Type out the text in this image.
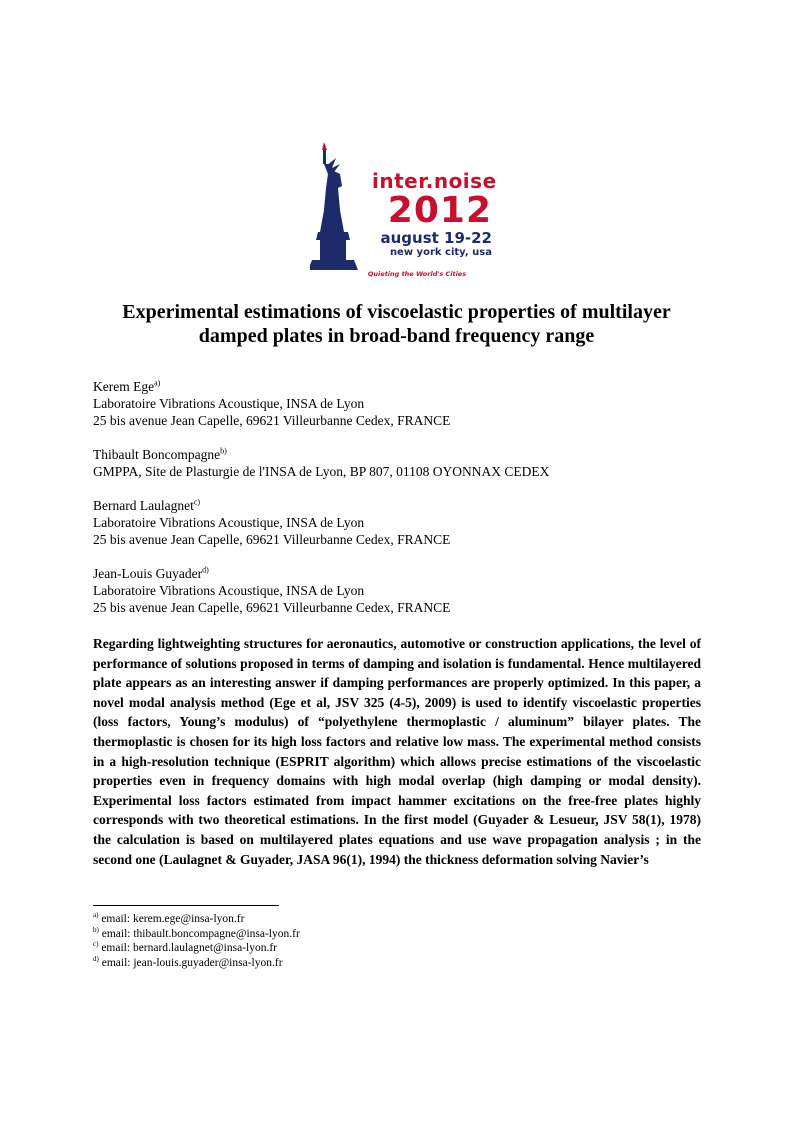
inter.noise
2012
august 19-22
new york city, usa
Quieting the World's Cities
Experimental estimations of viscoelastic properties of multilayer
damped plates in broad-band frequency range
Kerem Ege$^{a)}$
Laboratoire Vibrations Acoustique, INSA de Lyon
25 bis avenue Jean Capelle, 69621 Villeurbanne Cedex, FRANCE
Thibault Boncompagne$^{b)}$
GMPPA, Site de Plasturgie de l'INSA de Lyon, BP 807, 01108 OYONNAX CEDEX
Bernard Laulagnet$^{c)}$
Laboratoire Vibrations Acoustique, INSA de Lyon
25 bis avenue Jean Capelle, 69621 Villeurbanne Cedex, FRANCE
Jean-Louis Guyader$^{d)}$
Laboratoire Vibrations Acoustique, INSA de Lyon
25 bis avenue Jean Capelle, 69621 Villeurbanne Cedex, FRANCE

Regarding lightweighting structures for aeronautics, automotive or construction applications, the level of performance of solutions proposed in terms of damping and isolation is fundamental. Hence multilayered plate appears as an interesting answer if damping performances are properly optimized. In this paper, a novel modal analysis method (Ege et al, JSV 325 (4-5), 2009) is used to identify viscoelastic properties (loss factors, Young’s modulus) of “polyethylene thermoplastic / aluminum” bilayer plates. The thermoplastic is chosen for its high loss factors and relative low mass. The experimental method consists in a high-resolution technique (ESPRIT algorithm) which allows precise estimations of the viscoelastic properties even in frequency domains with high modal overlap (high damping or modal density). Experimental loss factors estimated from impact hammer excitations on the free-free plates highly corresponds with two theoretical estimations. In the first model (Guyader & Lesueur, JSV 58(1), 1978) the calculation is based on multilayered plates equations and use wave propagation analysis ; in the second one (Laulagnet & Guyader, JASA 96(1), 1994) the thickness deformation solving Navier’s

$^{a)}$ email: kerem.ege@insa-lyon.fr
$^{b)}$ email: thibault.boncompagne@insa-lyon.fr
$^{c)}$ email: bernard.laulagnet@insa-lyon.fr
$^{d)}$ email: jean-louis.guyader@insa-lyon.fr
